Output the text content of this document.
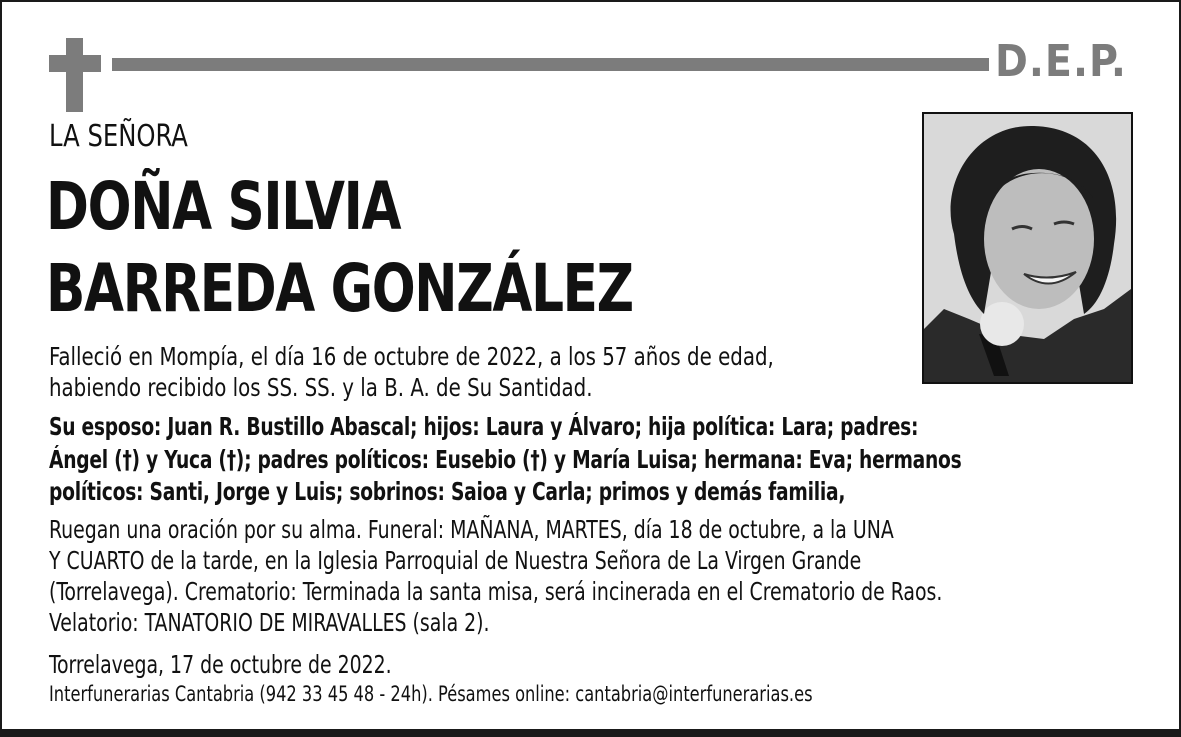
D.E.P.
LA SEÑORA
DOÑA SILVIA
BARREDA GONZÁLEZ
Falleció en Mompía, el día 16 de octubre de 2022, a los 57 años de edad,
habiendo recibido los SS. SS. y la B. A. de Su Santidad.
Su esposo: Juan R. Bustillo Abascal; hijos: Laura y Álvaro; hija política: Lara; padres:
Ángel (†) y Yuca (†); padres políticos: Eusebio (†) y María Luisa; hermana: Eva; hermanos
políticos: Santi, Jorge y Luis; sobrinos: Saioa y Carla; primos y demás familia,
Ruegan una oración por su alma. Funeral: MAÑANA, MARTES, día 18 de octubre, a la UNA
Y CUARTO de la tarde, en la Iglesia Parroquial de Nuestra Señora de La Virgen Grande
(Torrelavega). Crematorio: Terminada la santa misa, será incinerada en el Crematorio de Raos.
Velatorio: TANATORIO DE MIRAVALLES (sala 2).
Torrelavega, 17 de octubre de 2022.
Interfunerarias Cantabria (942 33 45 48 - 24h). Pésames online: cantabria@interfunerarias.es
